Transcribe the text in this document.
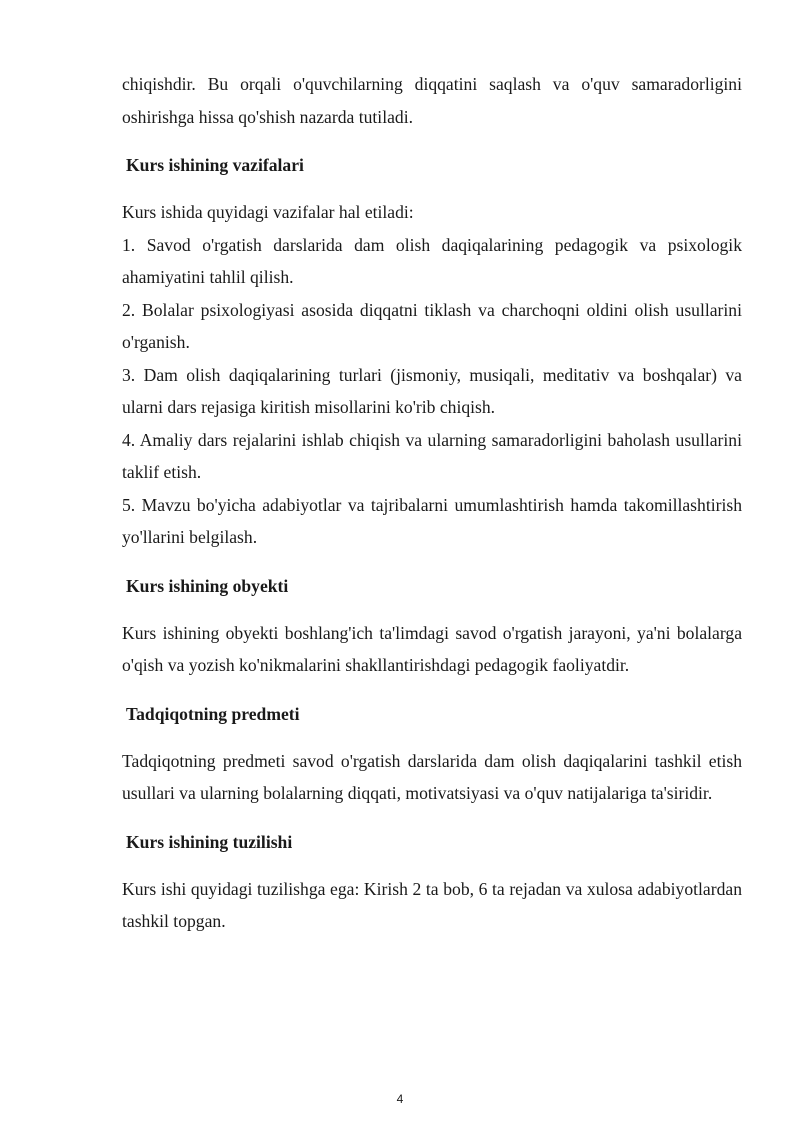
chiqishdir. Bu orqali o'quvchilarning diqqatini saqlash va o'quv samaradorligini oshirishga hissa qo'shish nazarda tutiladi.

Kurs ishining vazifalari

Kurs ishida quyidagi vazifalar hal etiladi:

1. Savod o'rgatish darslarida dam olish daqiqalarining pedagogik va psixologik ahamiyatini tahlil qilish.

2. Bolalar psixologiyasi asosida diqqatni tiklash va charchoqni oldini olish usullarini o'rganish.

3. Dam olish daqiqalarining turlari (jismoniy, musiqali, meditativ va boshqalar) va ularni dars rejasiga kiritish misollarini ko'rib chiqish.

4. Amaliy dars rejalarini ishlab chiqish va ularning samaradorligini baholash usullarini taklif etish.

5. Mavzu bo'yicha adabiyotlar va tajribalarni umumlashtirish hamda takomillashtirish yo'llarini belgilash.

Kurs ishining obyekti

Kurs ishining obyekti boshlang'ich ta'limdagi savod o'rgatish jarayoni, ya'ni bolalarga o'qish va yozish ko'nikmalarini shakllantirishdagi pedagogik faoliyatdir.

Tadqiqotning predmeti

Tadqiqotning predmeti savod o'rgatish darslarida dam olish daqiqalarini tashkil etish usullari va ularning bolalarning diqqati, motivatsiyasi va o'quv natijalariga ta'siridir.

Kurs ishining tuzilishi

Kurs ishi quyidagi tuzilishga ega: Kirish 2 ta bob, 6 ta rejadan va xulosa adabiyotlardan tashkil topgan.

4
